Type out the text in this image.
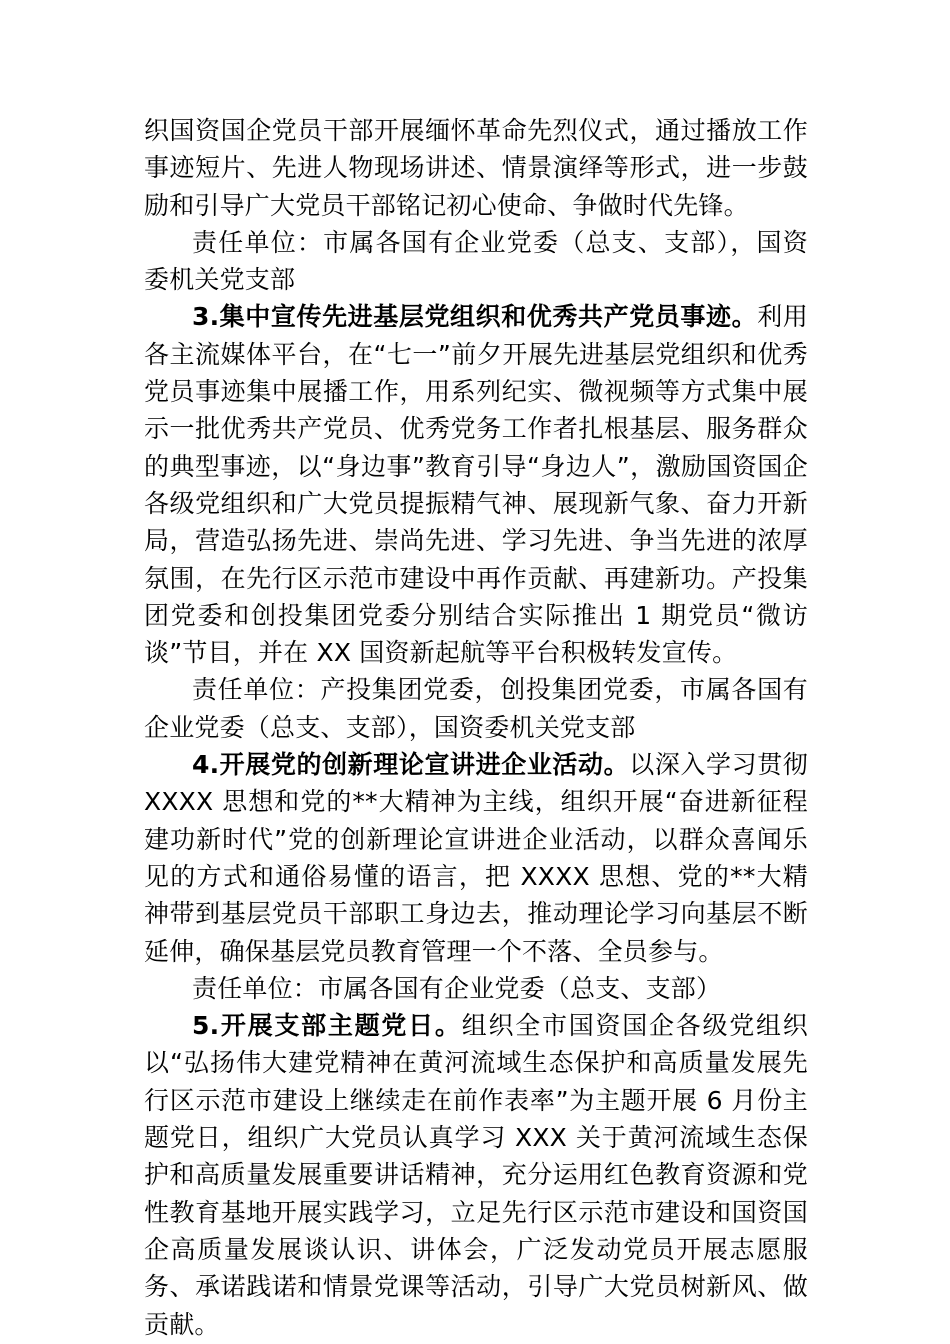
织国资国企党员干部开展缅怀革命先烈仪式，通过播放工作事迹短片、先进人物现场讲述、情景演绎等形式，进一步鼓励和引导广大党员干部铭记初心使命、争做时代先锋。

责任单位：市属各国有企业党委（总支、支部），国资委机关党支部

3.集中宣传先进基层党组织和优秀共产党员事迹。利用各主流媒体平台，在“七一”前夕开展先进基层党组织和优秀党员事迹集中展播工作，用系列纪实、微视频等方式集中展示一批优秀共产党员、优秀党务工作者扎根基层、服务群众的典型事迹，以“身边事”教育引导“身边人”，激励国资国企各级党组织和广大党员提振精气神、展现新气象、奋力开新局，营造弘扬先进、崇尚先进、学习先进、争当先进的浓厚氛围，在先行区示范市建设中再作贡献、再建新功。产投集团党委和创投集团党委分别结合实际推出 1 期党员“微访谈”节目，并在 XX 国资新起航等平台积极转发宣传。

责任单位：产投集团党委，创投集团党委，市属各国有企业党委（总支、支部），国资委机关党支部

4.开展党的创新理论宣讲进企业活动。以深入学习贯彻 XXXX 思想和党的**大精神为主线，组织开展“奋进新征程建功新时代”党的创新理论宣讲进企业活动，以群众喜闻乐见的方式和通俗易懂的语言，把 XXXX 思想、党的**大精神带到基层党员干部职工身边去，推动理论学习向基层不断延伸，确保基层党员教育管理一个不落、全员参与。

责任单位：市属各国有企业党委（总支、支部）

5.开展支部主题党日。组织全市国资国企各级党组织以“弘扬伟大建党精神在黄河流域生态保护和高质量发展先行区示范市建设上继续走在前作表率”为主题开展 6 月份主题党日，组织广大党员认真学习 XXX 关于黄河流域生态保护和高质量发展重要讲话精神，充分运用红色教育资源和党性教育基地开展实践学习，立足先行区示范市建设和国资国企高质量发展谈认识、讲体会，广泛发动党员开展志愿服务、承诺践诺和情景党课等活动，引导广大党员树新风、做贡献。
